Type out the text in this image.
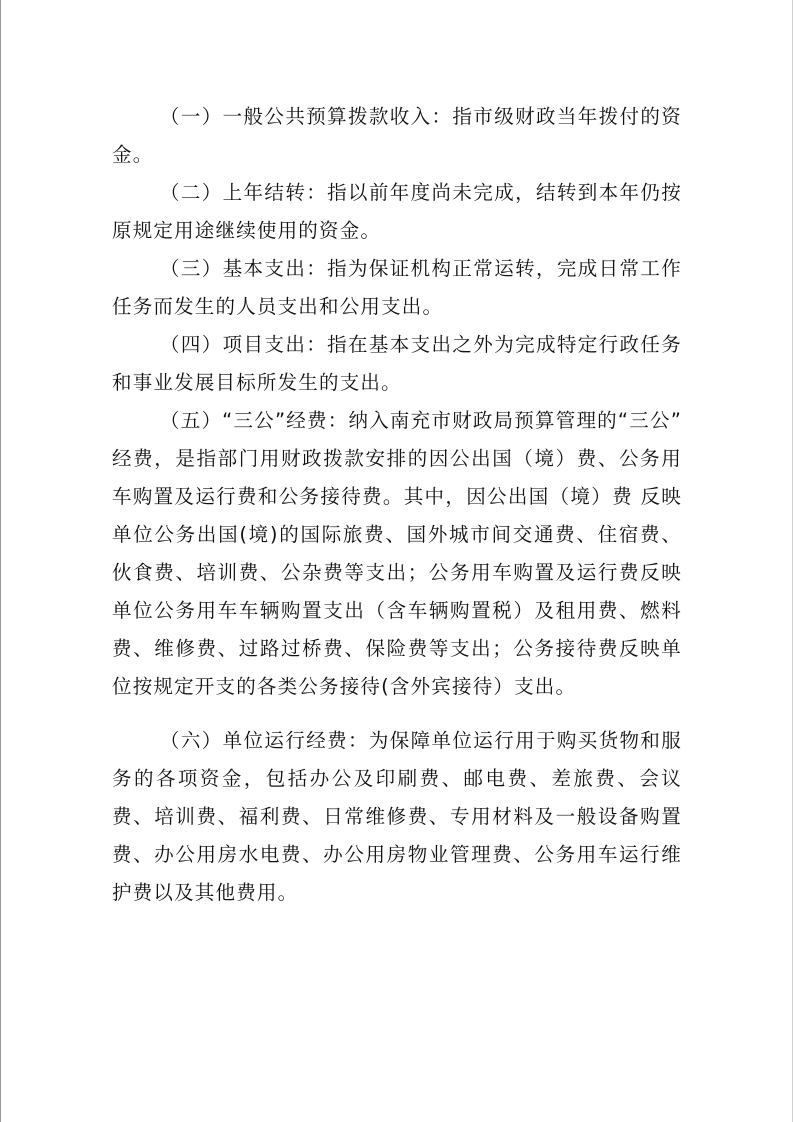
（一）一般公共预算拨款收入：指市级财政当年拨付的资金。

（二）上年结转：指以前年度尚未完成，结转到本年仍按原规定用途继续使用的资金。

（三）基本支出：指为保证机构正常运转，完成日常工作任务而发生的人员支出和公用支出。

（四）项目支出：指在基本支出之外为完成特定行政任务和事业发展目标所发生的支出。

（五）“三公”经费：纳入南充市财政局预算管理的“三公” 经费，是指部门用财政拨款安排的因公出国（境）费、公务用车购置及运行费和公务接待费。其中，因公出国（境）费 反映单位公务出国(境)的国际旅费、国外城市间交通费、住宿费、伙食费、培训费、公杂费等支出；公务用车购置及运行费反映单位公务用车车辆购置支出（含车辆购置税）及租用费、燃料费、维修费、过路过桥费、保险费等支出；公务接待费反映单位按规定开支的各类公务接待(含外宾接待）支出。

（六）单位运行经费：为保障单位运行用于购买货物和服务的各项资金，包括办公及印刷费、邮电费、差旅费、会议费、培训费、福利费、日常维修费、专用材料及一般设备购置费、办公用房水电费、办公用房物业管理费、公务用车运行维护费以及其他费用。
